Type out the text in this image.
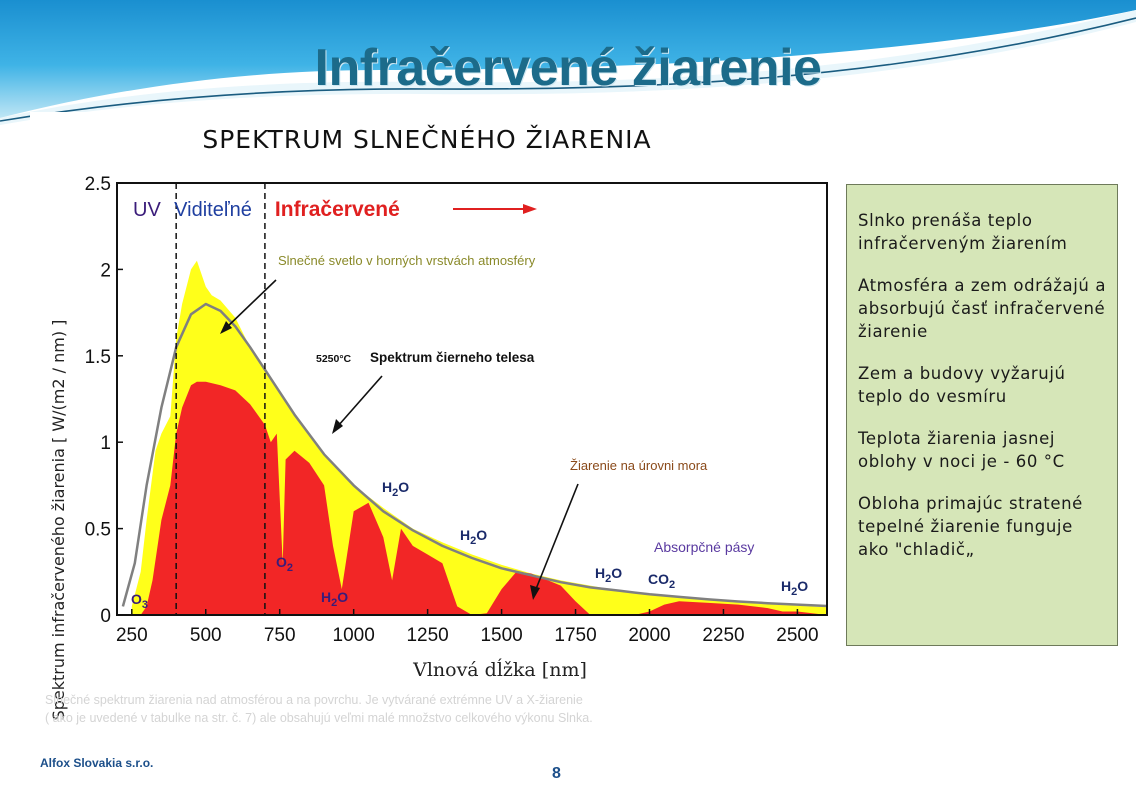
Infračervené žiarenie
SPEKTRUM SLNEČNÉHO ŽIARENIA
0
0.5
1
1.5
2
2.5
250 500 750 1000 1250 1500 1750 2000 2250 2500
UV Viditeľné Infračervené
Slnečné svetlo v horných vrstvách atmosféry
5250°C Spektrum čierneho telesa
Žiarenie na úrovni mora
Absorpčné pásy
$O_3$
$O_2$
$H_2O$
$H_2O$
$H_2O$
$H_2O$ $CO_2$	$H_2O$
Spektrum infračerveného žiarenia [ W/(m2 / nm) ]	Vlnová dĺžka [nm]
Slnečné spektrum žiarenia nad atmosférou a na povrchu. Je vytvárané extrémne UV a X-žiarenie
( ako je uvedené v tabulke na str. č. 7) ale obsahujú veľmi malé množstvo celkového výkonu Slnka.

Slnko prenáša teplo infračerveným žiarením

Atmosféra a zem odrážajú a absorbujú časť infračervené žiarenie

Zem a budovy vyžarujú teplo do vesmíru

Teplota žiarenia jasnej oblohy v noci je - 60 °C

Obloha primajúc stratené tepelné žiarenie funguje ako "chladič„

Alfox Slovakia s.r.o.
8
